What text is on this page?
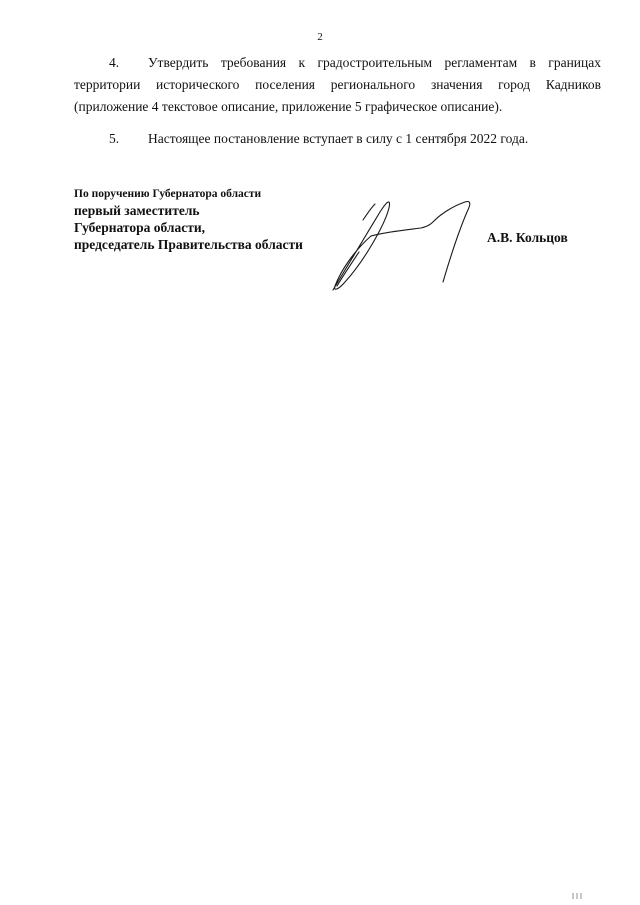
2
4.	Утвердить требования к градостроительным регламентам в границах
территории исторического поселения регионального значения город Кадников
(приложение 4 текстовое описание, приложение 5 графическое описание).
5.	Настоящее постановление вступает в силу с 1 сентября 2022 года.
По поручению Губернатора области
первый заместитель
Губернатора области,
председатель Правительства области	А.В. Кольцов
